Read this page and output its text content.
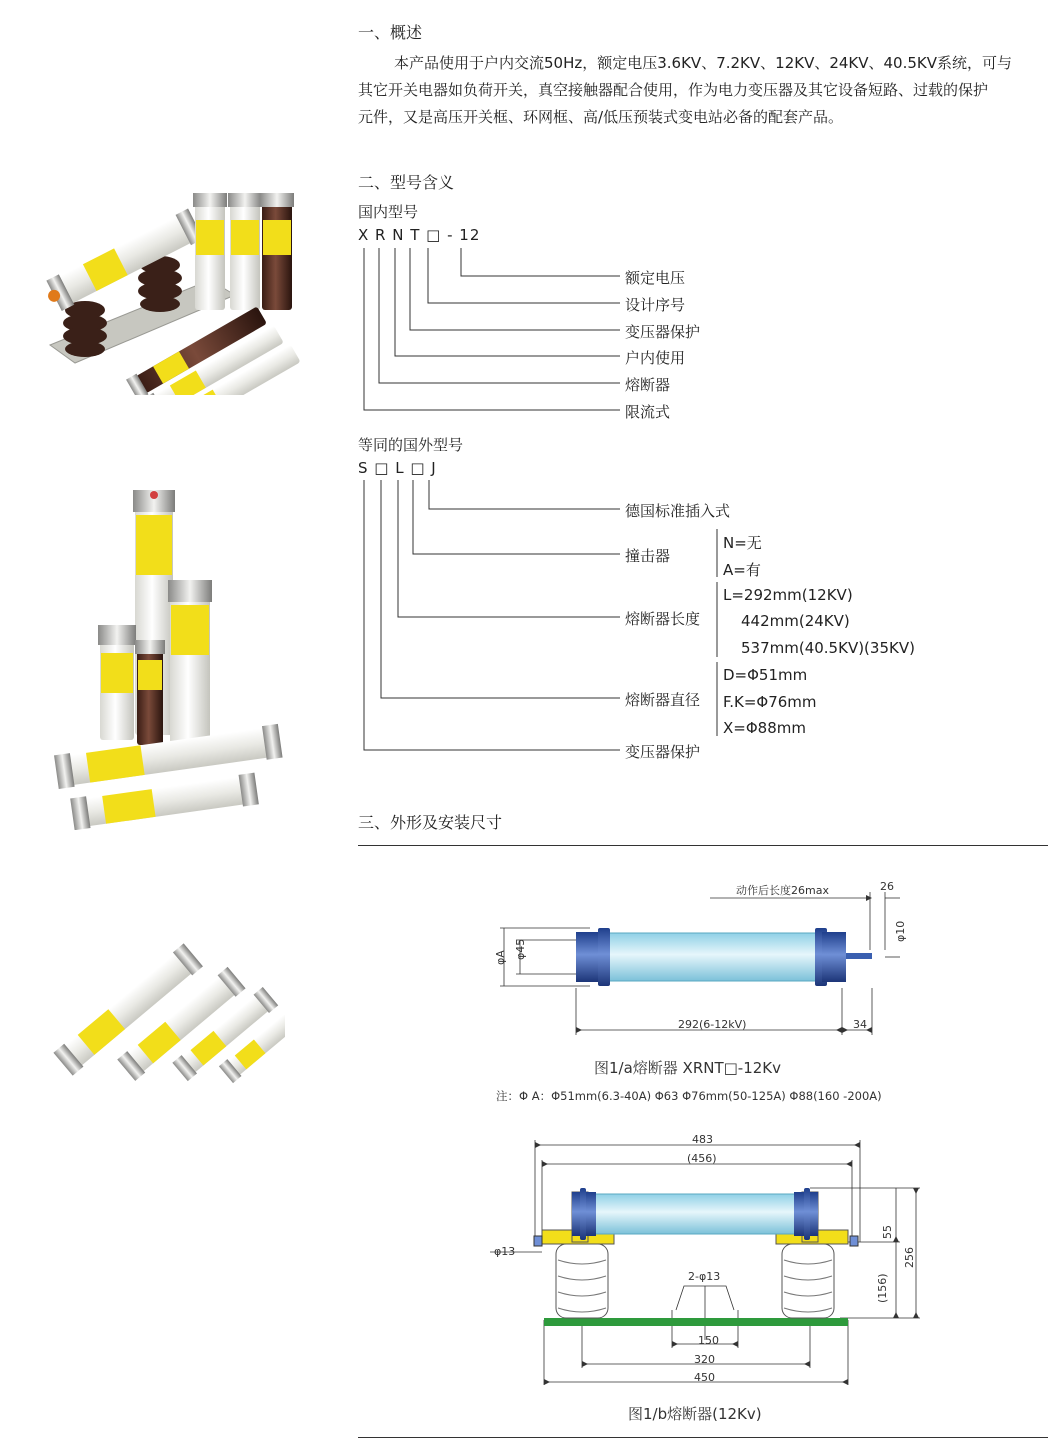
一、概述
本产品使用于户内交流50Hz，额定电压3.6KV、7.2KV、12KV、24KV、40.5KV系统，可与
其它开关电器如负荷开关，真空接触器配合使用，作为电力变压器及其它设备短路、过载的保护
元件，又是高压开关框、环网框、高/低压预装式变电站必备的配套产品。
二、型号含义
国内型号
X R N T □ - 12
额定电压
设计序号
变压器保护
户内使用
熔断器
限流式
等同的国外型号
S □ L □ J
德国标准插入式
撞击器
熔断器长度
熔断器直径
变压器保护
N=无
A=有
L=292mm(12KV)
442mm(24KV)
537mm(40.5KV)(35KV)
D=Φ51mm
F.K=Φ76mm
X=Φ88mm
三、外形及安装尺寸
动作后长度26max	26
φ10
φA φ45
292(6-12kV)	34
图1/a熔断器 XRNT□-12Kv
注：Φ A：Φ51mm(6.3-40A) Φ63 Φ76mm(50-125A) Φ88(160 -200A)
483
(456)
φ13
2-φ13
150
320
450
55
(156)
256
图1/b熔断器(12Kv)
